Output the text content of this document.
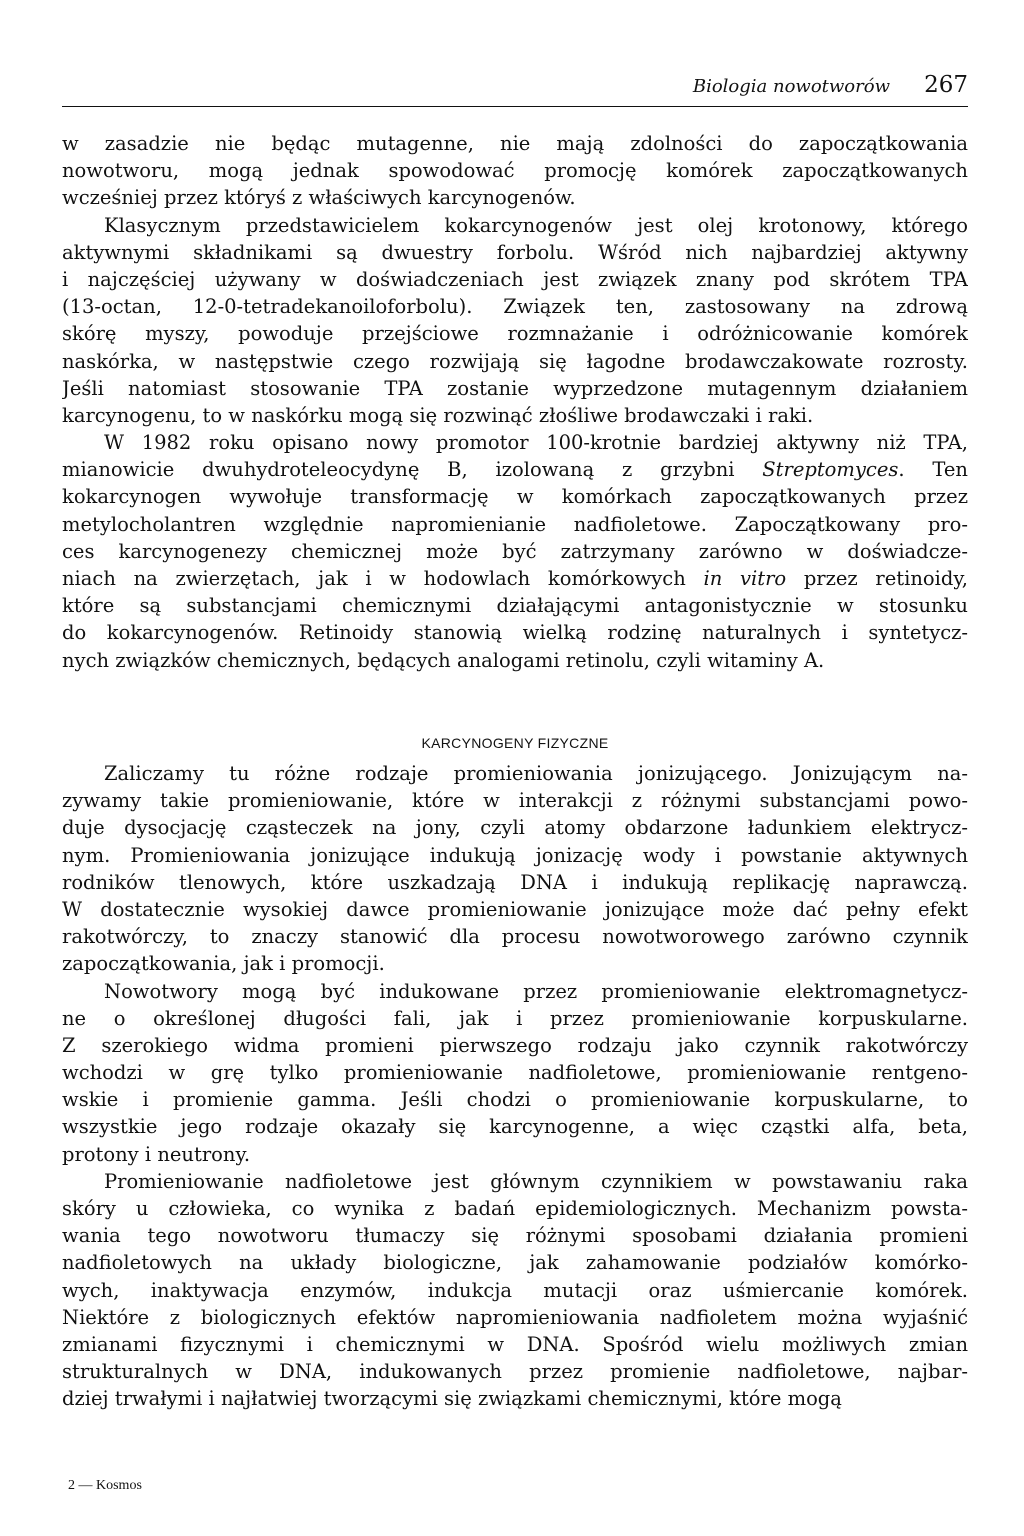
Biologia nowotworów 267
w zasadzie nie będąc mutagenne, nie mają zdolności do zapoczątkowania
nowotworu, mogą jednak spowodować promocję komórek zapoczątkowanych
wcześniej przez któryś z właściwych karcynogenów.
Klasycznym przedstawicielem kokarcynogenów jest olej krotonowy, którego
aktywnymi składnikami są dwuestry forbolu. Wśród nich najbardziej aktywny
i najczęściej używany w doświadczeniach jest związek znany pod skrótem TPA
(13-octan, 12-0-tetradekanoiloforbolu). Związek ten, zastosowany na zdrową
skórę myszy, powoduje przejściowe rozmnażanie i odróżnicowanie komórek
naskórka, w następstwie czego rozwijają się łagodne brodawczakowate rozrosty.
Jeśli natomiast stosowanie TPA zostanie wyprzedzone mutagennym działaniem
karcynogenu, to w naskórku mogą się rozwinąć złośliwe brodawczaki i raki.
W 1982 roku opisano nowy promotor 100-krotnie bardziej aktywny niż TPA,
mianowicie dwuhydroteleocydynę B, izolowaną z grzybni Streptomyces. Ten
kokarcynogen wywołuje transformację w komórkach zapoczątkowanych przez
metylocholantren względnie napromienianie nadfioletowe. Zapoczątkowany pro-
ces karcynogenezy chemicznej może być zatrzymany zarówno w doświadcze-
niach na zwierzętach, jak i w hodowlach komórkowych in vitro przez retinoidy,
które są substancjami chemicznymi działającymi antagonistycznie w stosunku
do kokarcynogenów. Retinoidy stanowią wielką rodzinę naturalnych i syntetycz-
nych związków chemicznych, będących analogami retinolu, czyli witaminy A.
KARCYNOGENY FIZYCZNE
Zaliczamy tu różne rodzaje promieniowania jonizującego. Jonizującym na-
zywamy takie promieniowanie, które w interakcji z różnymi substancjami powo-
duje dysocjację cząsteczek na jony, czyli atomy obdarzone ładunkiem elektrycz-
nym. Promieniowania jonizujące indukują jonizację wody i powstanie aktywnych
rodników tlenowych, które uszkadzają DNA i indukują replikację naprawczą.
W dostatecznie wysokiej dawce promieniowanie jonizujące może dać pełny efekt
rakotwórczy, to znaczy stanowić dla procesu nowotworowego zarówno czynnik
zapoczątkowania, jak i promocji.
Nowotwory mogą być indukowane przez promieniowanie elektromagnetycz-
ne o określonej długości fali, jak i przez promieniowanie korpuskularne.
Z szerokiego widma promieni pierwszego rodzaju jako czynnik rakotwórczy
wchodzi w grę tylko promieniowanie nadfioletowe, promieniowanie rentgeno-
wskie i promienie gamma. Jeśli chodzi o promieniowanie korpuskularne, to
wszystkie jego rodzaje okazały się karcynogenne, a więc cząstki alfa, beta,
protony i neutrony.
Promieniowanie nadfioletowe jest głównym czynnikiem w powstawaniu raka
skóry u człowieka, co wynika z badań epidemiologicznych. Mechanizm powsta-
wania tego nowotworu tłumaczy się różnymi sposobami działania promieni
nadfioletowych na układy biologiczne, jak zahamowanie podziałów komórko-
wych, inaktywacja enzymów, indukcja mutacji oraz uśmiercanie komórek.
Niektóre z biologicznych efektów napromieniowania nadfioletem można wyjaśnić
zmianami fizycznymi i chemicznymi w DNA. Spośród wielu możliwych zmian
strukturalnych w DNA, indukowanych przez promienie nadfioletowe, najbar-
dziej trwałymi i najłatwiej tworzącymi się związkami chemicznymi, które mogą
2 — Kosmos
